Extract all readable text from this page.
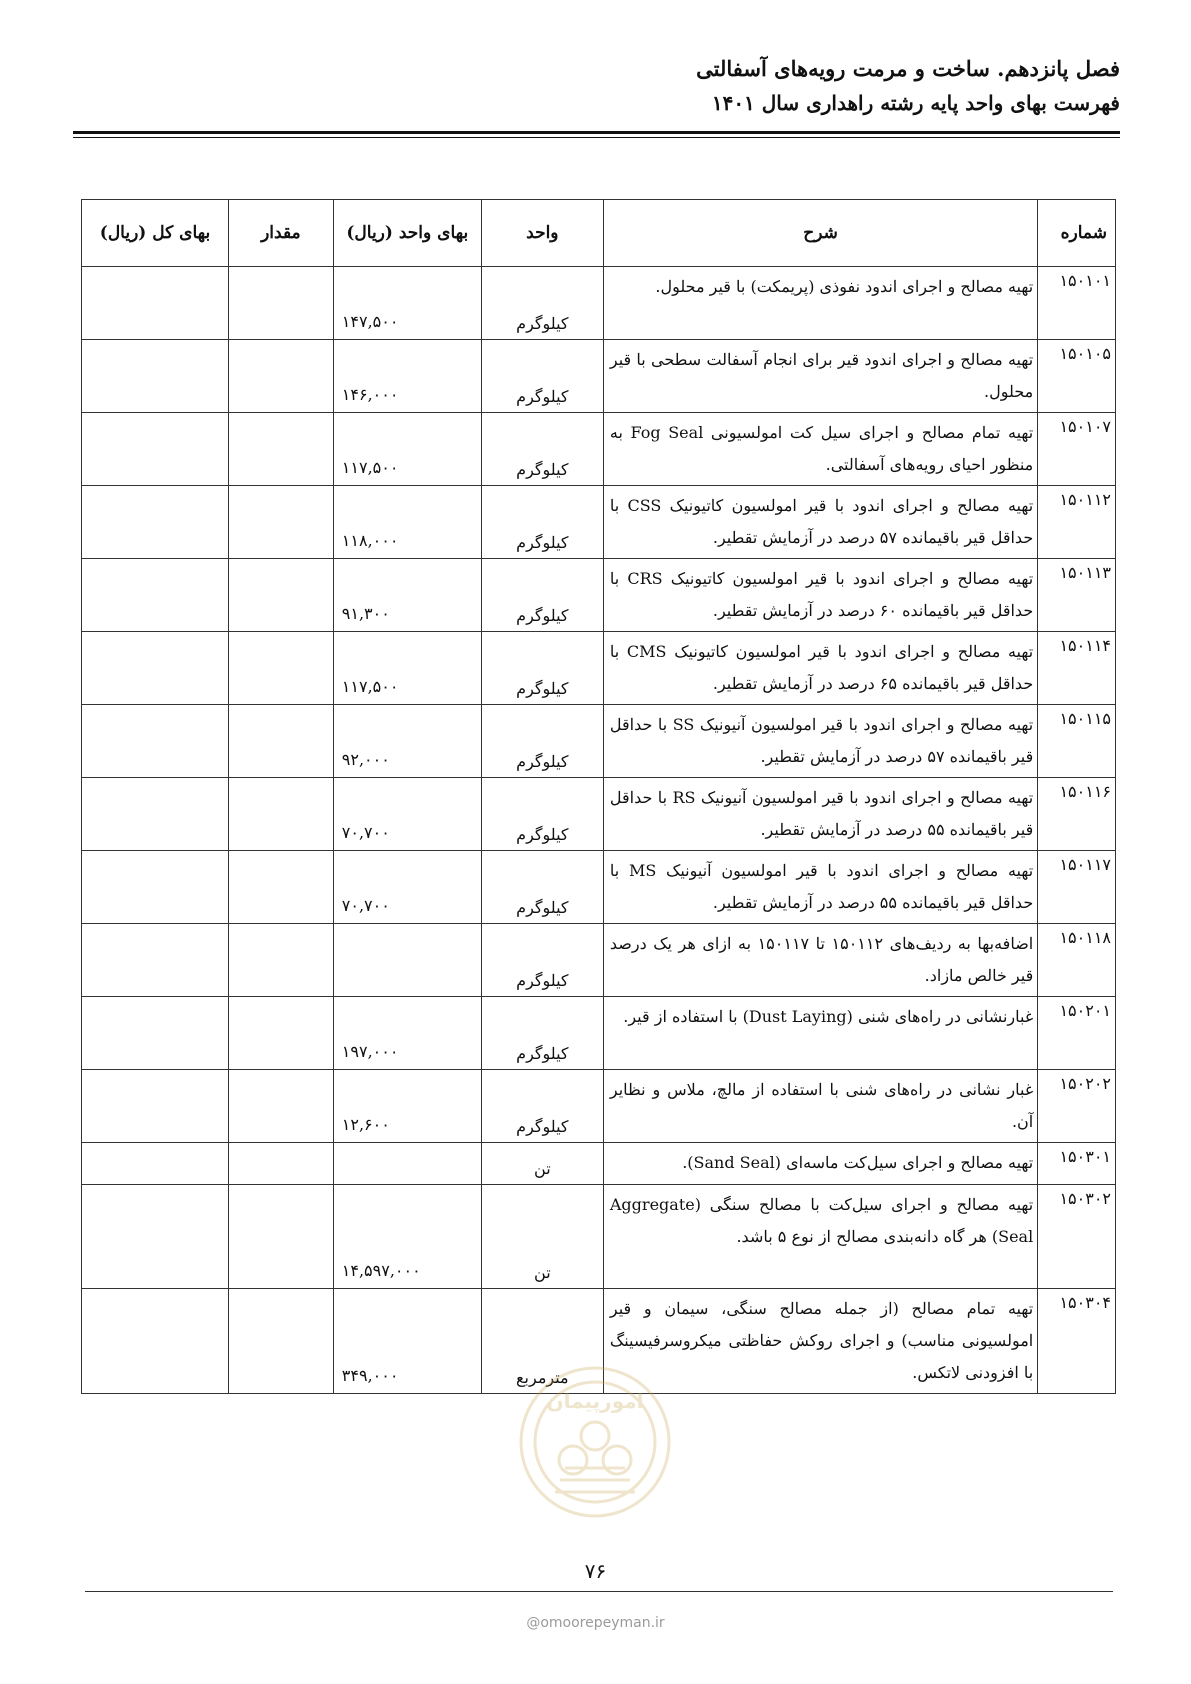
فصل پانزدهم. ساخت و مرمت رویه‌های آسفالتی
فهرست بهای واحد پایه رشته راهداری سال ۱۴۰۱
شماره	شرح	واحد	بهای واحد (ریال)	مقدار	بهای کل (ریال)
۱۵۰۱۰۱	تهیه مصالح و اجرای اندود نفوذی (پریمکت) با قیر محلول.	کیلوگرم	۱۴۷,۵۰۰		
۱۵۰۱۰۵	تهیه مصالح و اجرای اندود قیر برای انجام آسفالت سطحی با قیر محلول.	کیلوگرم	۱۴۶,۰۰۰		
۱۵۰۱۰۷	تهیه تمام مصالح و اجرای سیل کت امولسیونی Fog Seal به منظور احیای رویه‌های آسفالتی.	کیلوگرم	۱۱۷,۵۰۰		
۱۵۰۱۱۲	تهیه مصالح و اجرای اندود با قیر امولسیون کاتیونیک CSS با حداقل قیر باقیمانده ۵۷ درصد در آزمایش تقطیر.	کیلوگرم	۱۱۸,۰۰۰		
۱۵۰۱۱۳	تهیه مصالح و اجرای اندود با قیر امولسیون کاتیونیک CRS با حداقل قیر باقیمانده ۶۰ درصد در آزمایش تقطیر.	کیلوگرم	۹۱,۳۰۰		
۱۵۰۱۱۴	تهیه مصالح و اجرای اندود با قیر امولسیون کاتیونیک CMS با حداقل قیر باقیمانده ۶۵ درصد در آزمایش تقطیر.	کیلوگرم	۱۱۷,۵۰۰		
۱۵۰۱۱۵	تهیه مصالح و اجرای اندود با قیر امولسیون آنیونیک SS با حداقل قیر باقیمانده ۵۷ درصد در آزمایش تقطیر.	کیلوگرم	۹۲,۰۰۰		
۱۵۰۱۱۶	تهیه مصالح و اجرای اندود با قیر امولسیون آنیونیک RS با حداقل قیر باقیمانده ۵۵ درصد در آزمایش تقطیر.	کیلوگرم	۷۰,۷۰۰		
۱۵۰۱۱۷	تهیه مصالح و اجرای اندود با قیر امولسیون آنیونیک MS با حداقل قیر باقیمانده ۵۵ درصد در آزمایش تقطیر.	کیلوگرم	۷۰,۷۰۰		
۱۵۰۱۱۸	اضافه‌بها به ردیف‌های ۱۵۰۱۱۲ تا ۱۵۰۱۱۷ به ازای هر یک درصد قیر خالص مازاد.	کیلوگرم			
۱۵۰۲۰۱	غبارنشانی در راه‌های شنی (Dust Laying) با استفاده از قیر.	کیلوگرم	۱۹۷,۰۰۰		
۱۵۰۲۰۲	غبار نشانی در راه‌های شنی با استفاده از مالچ، ملاس و نظایر آن.	کیلوگرم	۱۲,۶۰۰		
۱۵۰۳۰۱	تهیه مصالح و اجرای سیل‌کت ماسه‌ای (Sand Seal).	تن			
۱۵۰۳۰۲	تهیه مصالح و اجرای سیل‌کت با مصالح سنگی (Aggregate Seal) هر گاه دانه‌بندی مصالح از نوع ۵ باشد.	تن	۱۴,۵۹۷,۰۰۰		
۱۵۰۳۰۴	تهیه تمام مصالح (از جمله مصالح سنگی، سیمان و قیر امولسیونی مناسب) و اجرای روکش حفاظتی میکروسرفیسینگ با افزودنی لاتکس.	مترمربع	۳۴۹,۰۰۰		
امورپیمان
۷۶
@omoorepeyman.ir
